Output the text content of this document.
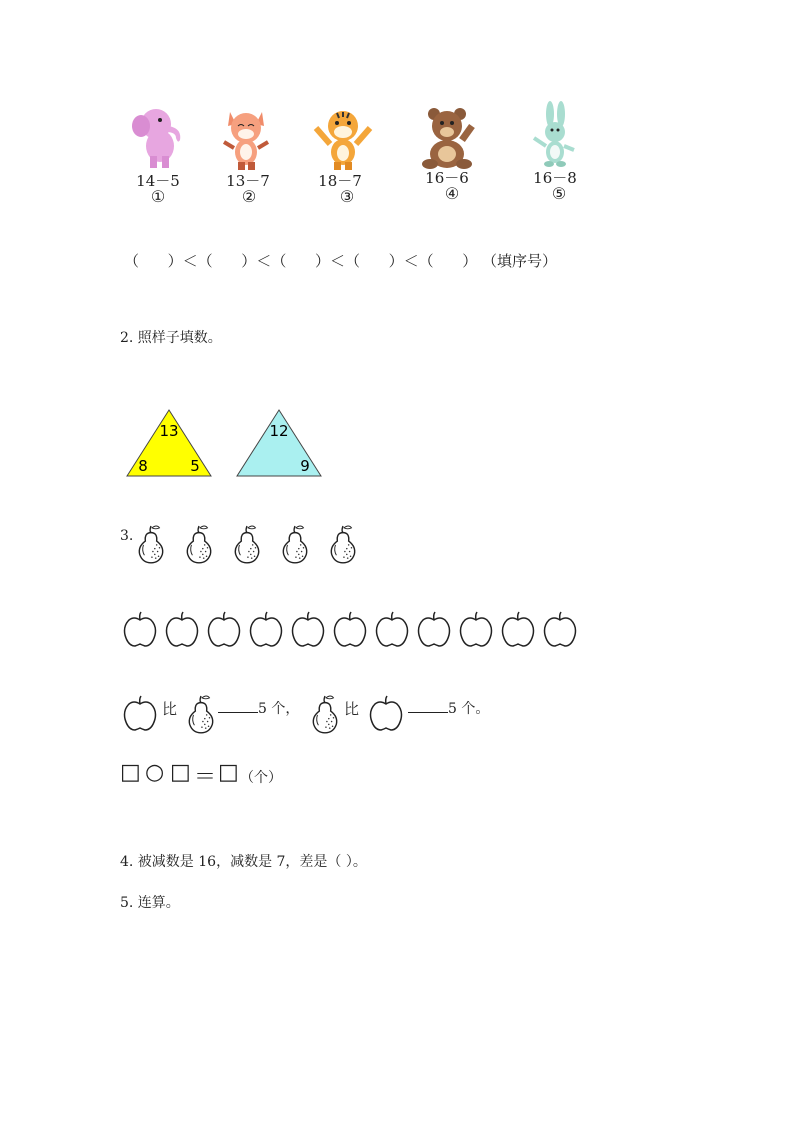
14－5	13－7	18－7	16－6	16－8
①	②	③	④	⑤
（ ）＜（ ）＜（ ）＜（ ）＜（ ） （填序号）
2. 照样子填数。
13
8	5
12
9
3.
比	5 个，	比	5 个。
□ ○ □ ＝ □ （个）
4. 被减数是 16，减数是 7，差是（ ）。
5. 连算。
